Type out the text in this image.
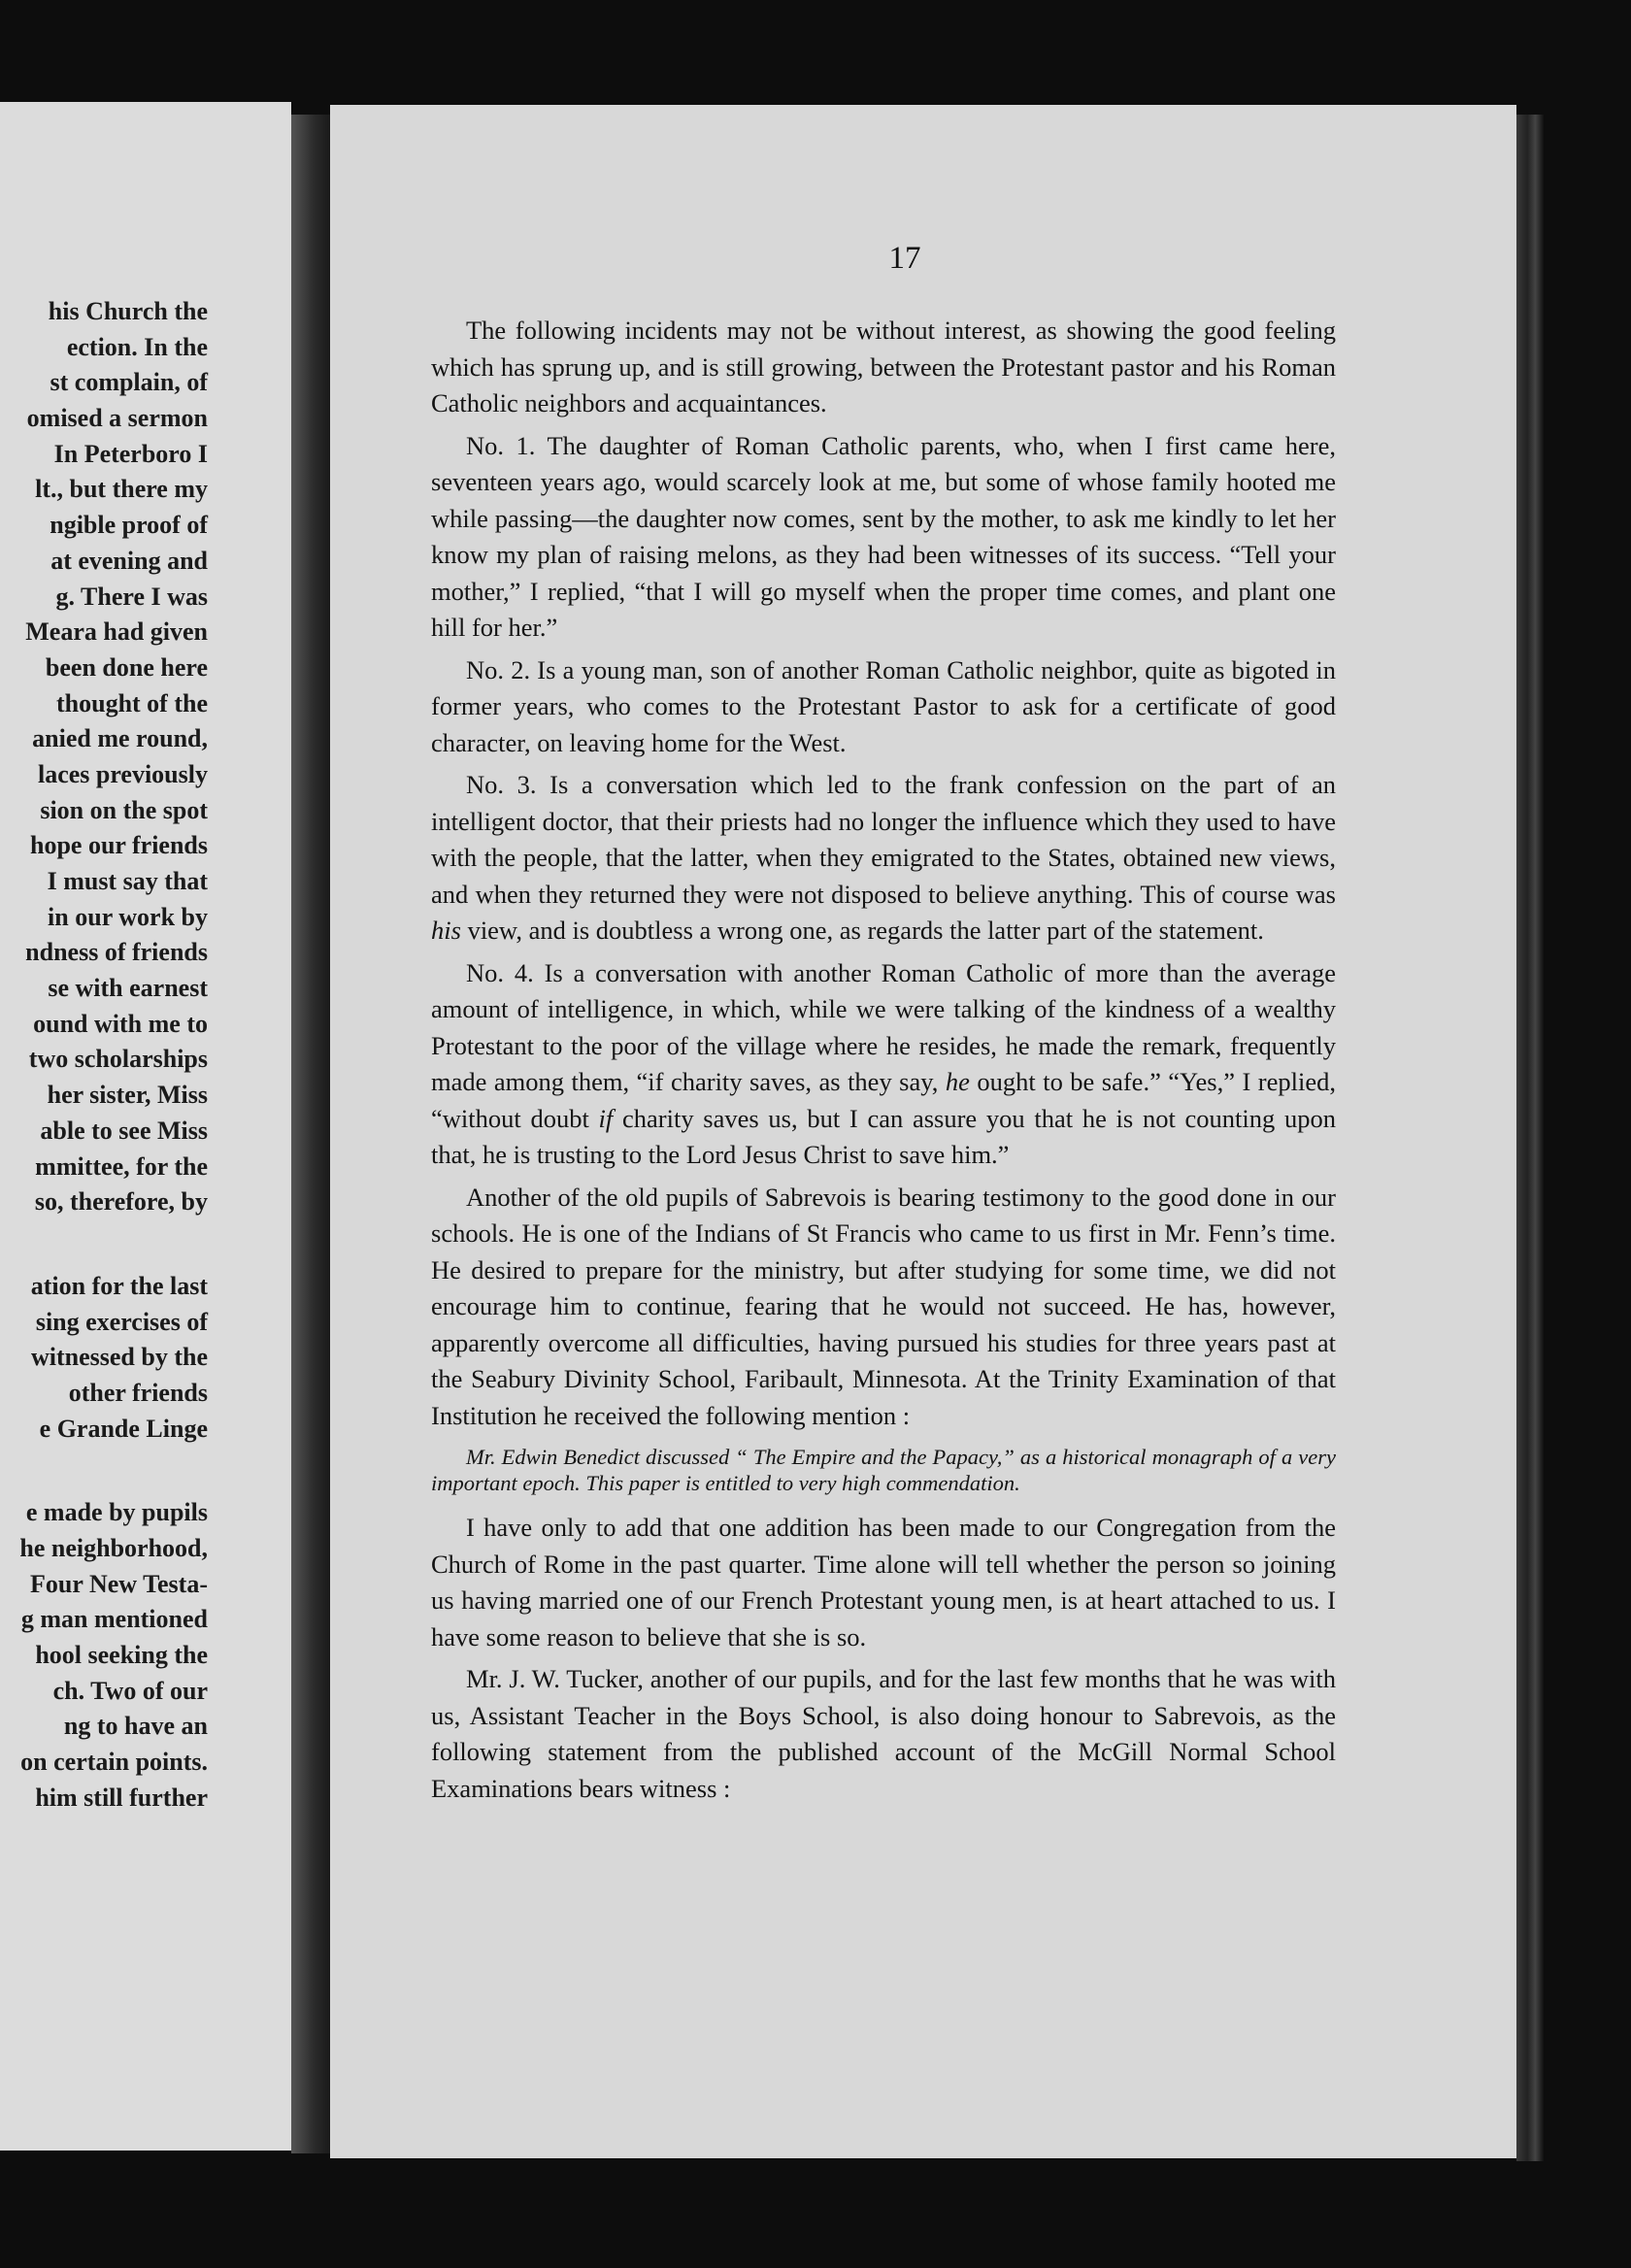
his Church the
ection. In the
st complain, of
omised a sermon
In Peterboro I
lt., but there my
ngible proof of
at evening and
g. There I was
Meara had given
been done here
thought of the
anied me round,
laces previously
sion on the spot
hope our friends
I must say that
in our work by
ndness of friends
se with earnest
ound with me to
two scholarships
her sister, Miss
able to see Miss
mmittee, for the
so, therefore, by
ation for the last
sing exercises of
witnessed by the
other friends
e Grande Linge
e made by pupils
he neighborhood,
Four New Testa-
g man mentioned
hool seeking the
ch. Two of our
ng to have an
on certain points.
him still further
17

The following incidents may not be without interest, as showing the good feeling which has sprung up, and is still growing, between the Protestant pastor and his Roman Catholic neighbors and acquaintances.

No. 1. The daughter of Roman Catholic parents, who, when I first came here, seventeen years ago, would scarcely look at me, but some of whose family hooted me while passing—the daughter now comes, sent by the mother, to ask me kindly to let her know my plan of raising melons, as they had been witnesses of its success. “Tell your mother,” I replied, “that I will go myself when the proper time comes, and plant one hill for her.”

No. 2. Is a young man, son of another Roman Catholic neighbor, quite as bigoted in former years, who comes to the Protestant Pastor to ask for a certificate of good character, on leaving home for the West.

No. 3. Is a conversation which led to the frank confession on the part of an intelligent doctor, that their priests had no longer the influence which they used to have with the people, that the latter, when they emigrated to the States, obtained new views, and when they returned they were not disposed to believe anything. This of course was his view, and is doubtless a wrong one, as regards the latter part of the statement.

No. 4. Is a conversation with another Roman Catholic of more than the average amount of intelligence, in which, while we were talking of the kindness of a wealthy Protestant to the poor of the village where he resides, he made the remark, frequently made among them, “if charity saves, as they say, he ought to be safe.” “Yes,” I replied, “without doubt if charity saves us, but I can assure you that he is not counting upon that, he is trusting to the Lord Jesus Christ to save him.”

Another of the old pupils of Sabrevois is bearing testimony to the good done in our schools. He is one of the Indians of St Francis who came to us first in Mr. Fenn’s time. He desired to prepare for the ministry, but after studying for some time, we did not encourage him to continue, fearing that he would not succeed. He has, however, apparently overcome all difficulties, having pursued his studies for three years past at the Seabury Divinity School, Faribault, Minnesota. At the Trinity Examination of that Institution he received the following mention :

Mr. Edwin Benedict discussed “ The Empire and the Papacy,” as a historical monagraph of a very important epoch. This paper is entitled to very high commendation.

I have only to add that one addition has been made to our Congregation from the Church of Rome in the past quarter. Time alone will tell whether the person so joining us having married one of our French Protestant young men, is at heart attached to us. I have some reason to believe that she is so.

Mr. J. W. Tucker, another of our pupils, and for the last few months that he was with us, Assistant Teacher in the Boys School, is also doing honour to Sabrevois, as the following statement from the published account of the McGill Normal School Examinations bears witness :
